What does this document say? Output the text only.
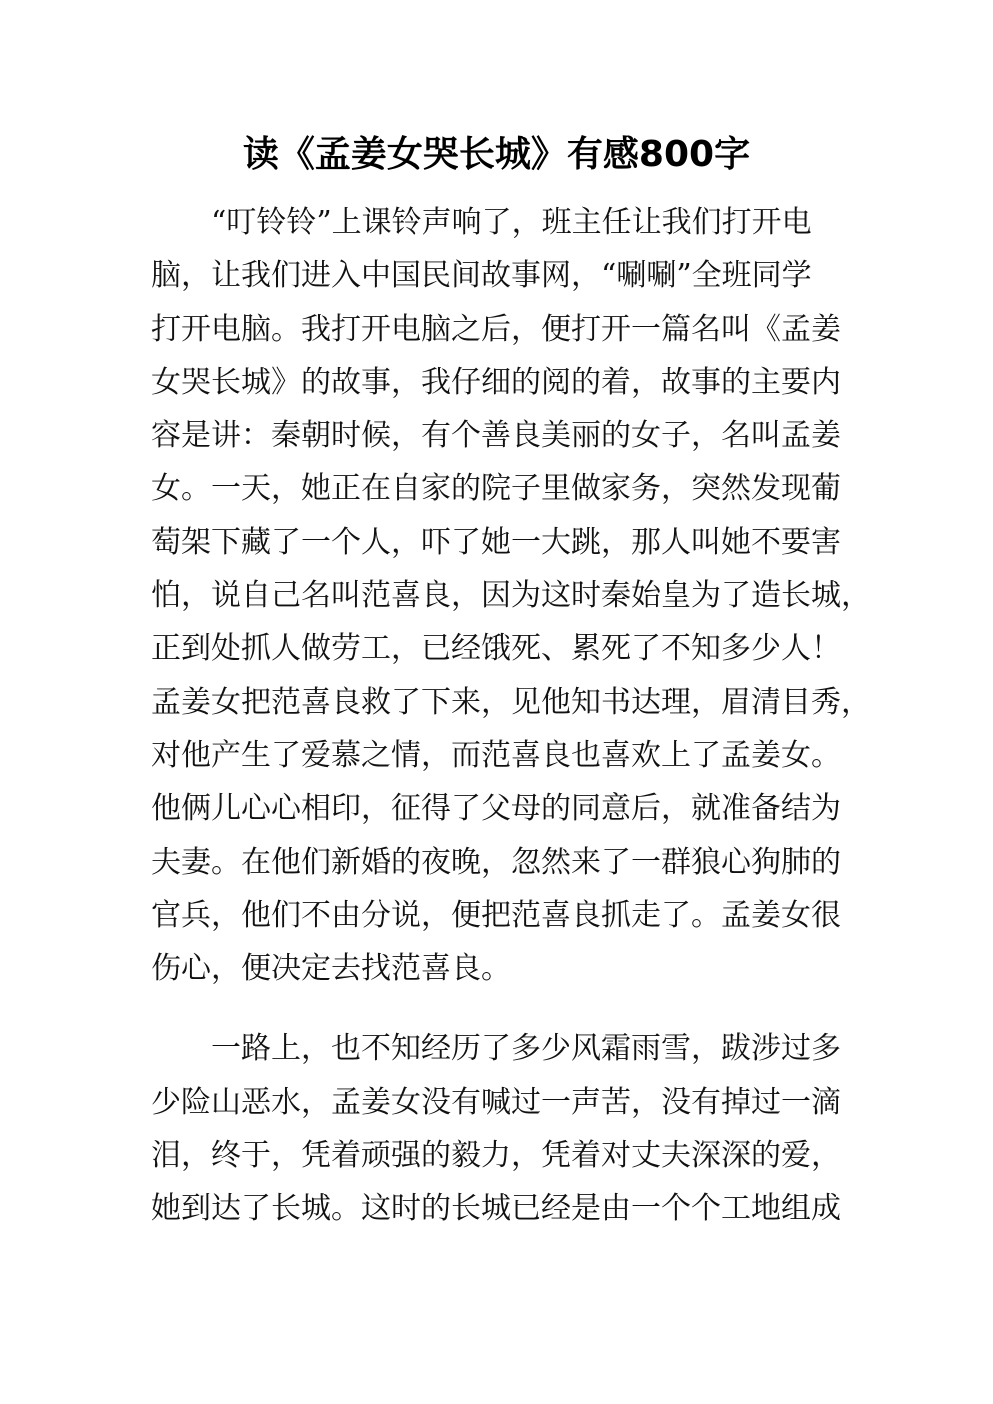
读《孟姜女哭长城》有感800字
“叮铃铃”上课铃声响了，班主任让我们打开电
脑，让我们进入中国民间故事网，“唰唰”全班同学
打开电脑。我打开电脑之后，便打开一篇名叫《孟姜
女哭长城》的故事，我仔细的阅的着，故事的主要内
容是讲：秦朝时候，有个善良美丽的女子，名叫孟姜
女。一天，她正在自家的院子里做家务，突然发现葡
萄架下藏了一个人，吓了她一大跳，那人叫她不要害
怕，说自己名叫范喜良，因为这时秦始皇为了造长城，
正到处抓人做劳工，已经饿死、累死了不知多少人！
孟姜女把范喜良救了下来，见他知书达理，眉清目秀，
对他产生了爱慕之情，而范喜良也喜欢上了孟姜女。
他俩儿心心相印，征得了父母的同意后，就准备结为
夫妻。在他们新婚的夜晚，忽然来了一群狼心狗肺的
官兵，他们不由分说，便把范喜良抓走了。孟姜女很
伤心，便决定去找范喜良。
一路上，也不知经历了多少风霜雨雪，跋涉过多
少险山恶水，孟姜女没有喊过一声苦，没有掉过一滴
泪，终于，凭着顽强的毅力，凭着对丈夫深深的爱，
她到达了长城。这时的长城已经是由一个个工地组成
